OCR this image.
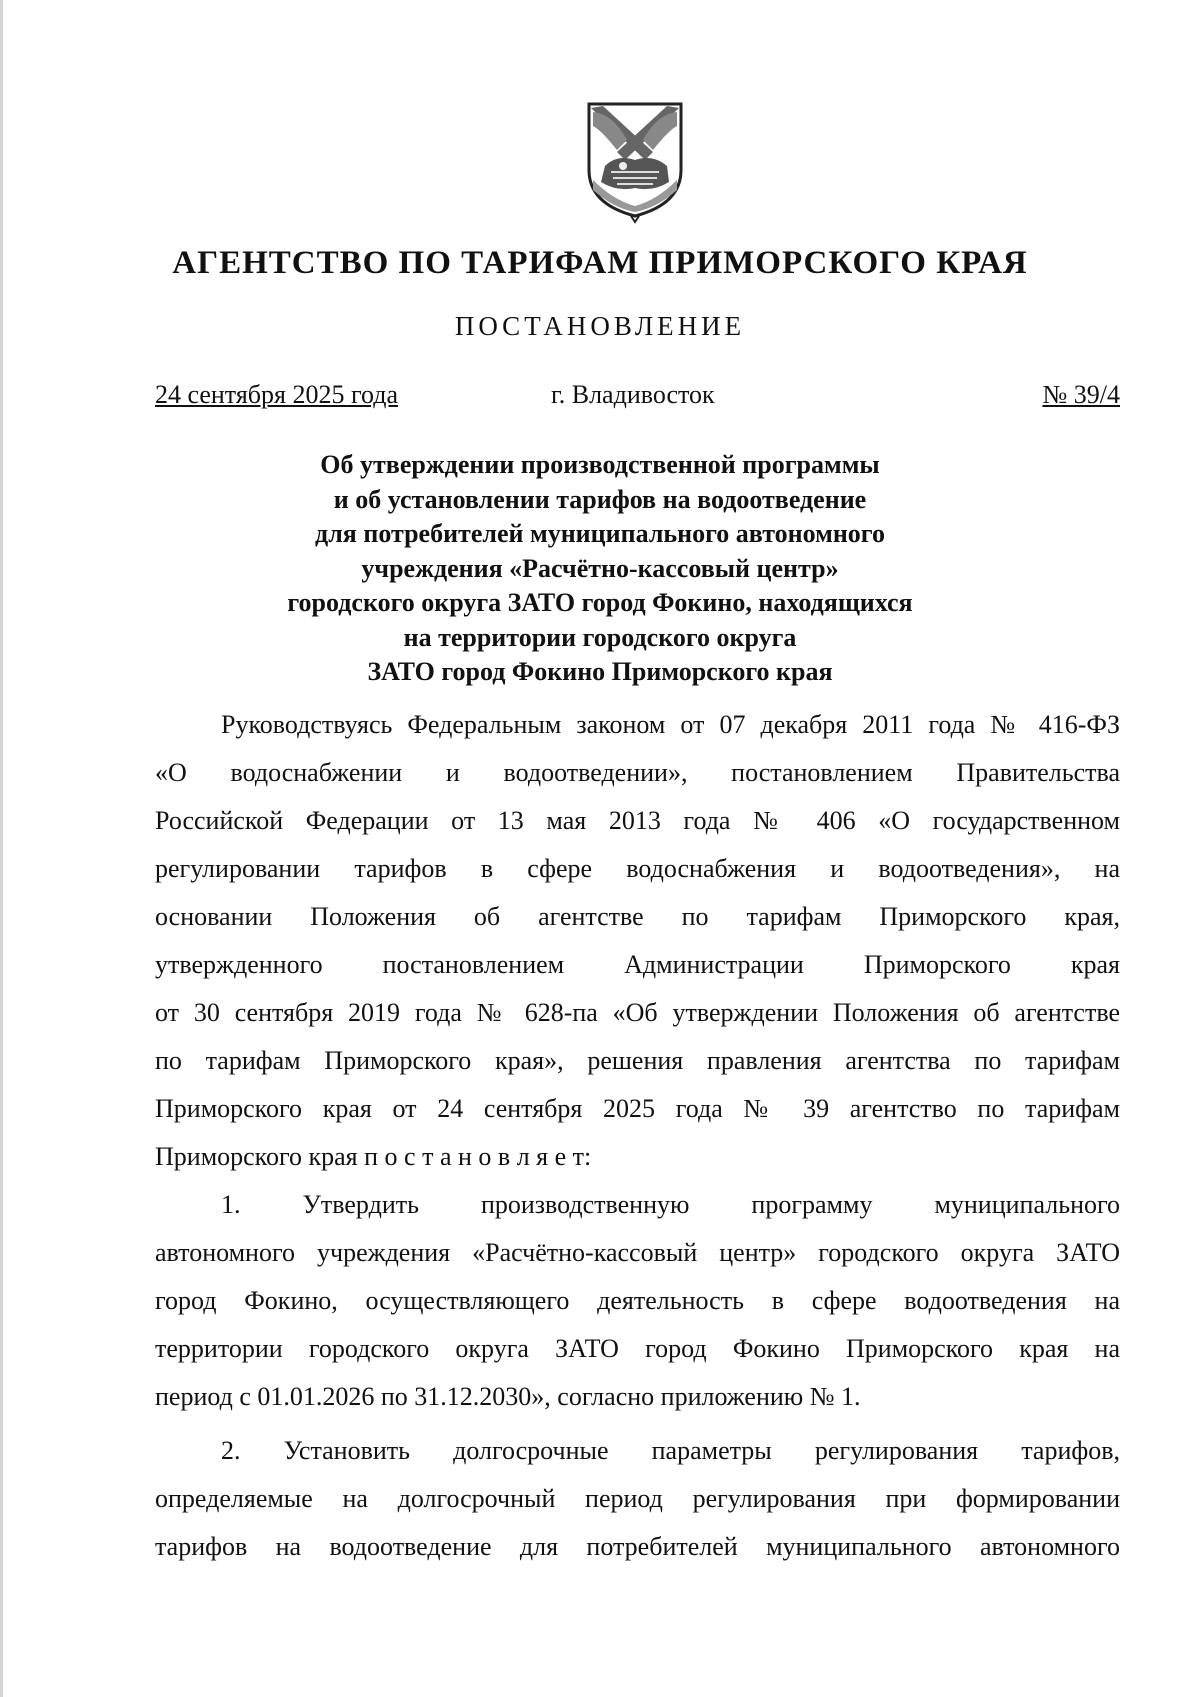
АГЕНТСТВО ПО ТАРИФАМ ПРИМОРСКОГО КРАЯ
ПОСТАНОВЛЕНИЕ
24 сентября 2025 года	г. Владивосток	№ 39/4
Об утверждении производственной программы
и об установлении тарифов на водоотведение
для потребителей муниципального автономного
учреждения «Расчётно-кассовый центр»
городского округа ЗАТО город Фокино, находящихся
на территории городского округа
ЗАТО город Фокино Приморского края
Руководствуясь Федеральным законом от 07 декабря 2011 года № 416-ФЗ
«О водоснабжении и водоотведении», постановлением Правительства
Российской Федерации от 13 мая 2013 года № 406 «О государственном
регулировании тарифов в сфере водоснабжения и водоотведения», на
основании Положения об агентстве по тарифам Приморского края,
утвержденного постановлением Администрации Приморского края
от 30 сентября 2019 года № 628-па «Об утверждении Положения об агентстве
по тарифам Приморского края», решения правления агентства по тарифам
Приморского края от 24 сентября 2025 года № 39 агентство по тарифам
Приморского края п о с т а н о в л я е т:
1. Утвердить производственную программу муниципального
автономного учреждения «Расчётно-кассовый центр» городского округа ЗАТО
город Фокино, осуществляющего деятельность в сфере водоотведения на
территории городского округа ЗАТО город Фокино Приморского края на
период с 01.01.2026 по 31.12.2030», согласно приложению № 1.
2. Установить долгосрочные параметры регулирования тарифов,
определяемые на долгосрочный период регулирования при формировании
тарифов на водоотведение для потребителей муниципального автономного
